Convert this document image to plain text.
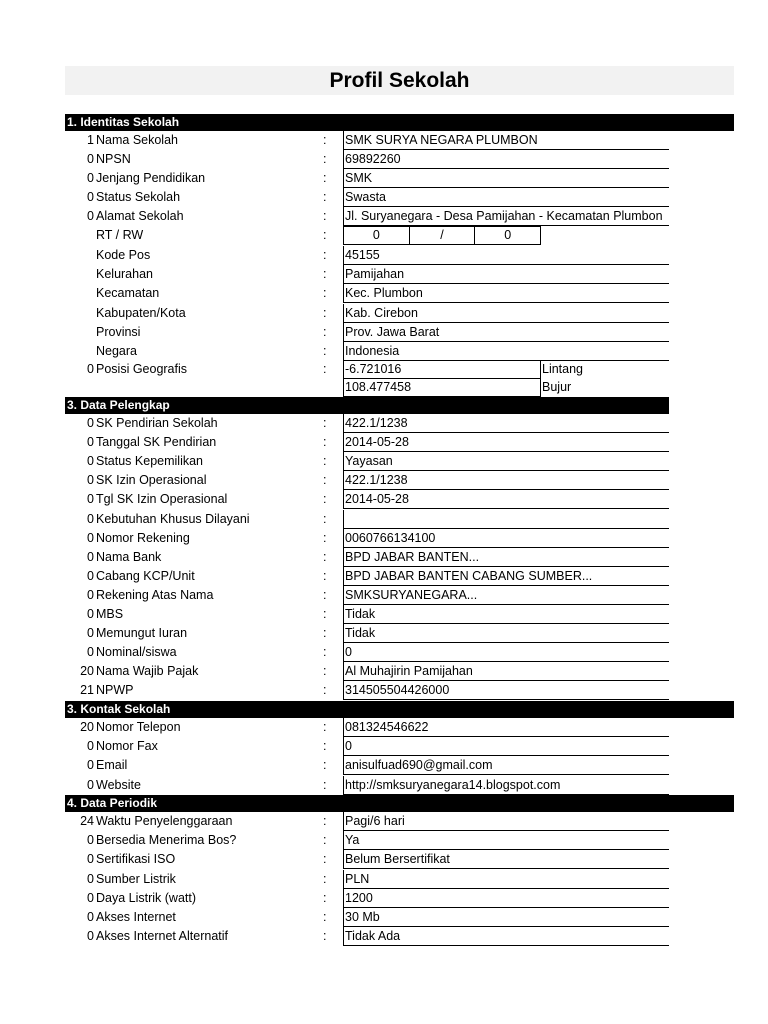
Profil Sekolah
1. Identitas Sekolah
1 Nama Sekolah	: SMK SURYA NEGARA PLUMBON
0 NPSN	: 69892260
0 Jenjang Pendidikan	: SMK
0 Status Sekolah	: Swasta
0 Alamat Sekolah	: Jl. Suryanegara - Desa Pamijahan - Kecamatan Plumbon
RT / RW	:	0	/	0
Kode Pos	: 45155
Kelurahan	: Pamijahan
Kecamatan	: Kec. Plumbon
Kabupaten/Kota	: Kab. Cirebon
Provinsi	: Prov. Jawa Barat
Negara	: Indonesia
0 Posisi Geografis	: -6.721016	Lintang
108.477458	Bujur
3. Data Pelengkap
0 SK Pendirian Sekolah	: 422.1/1238
0 Tanggal SK Pendirian	: 2014-05-28
0 Status Kepemilikan	: Yayasan
0 SK Izin Operasional	: 422.1/1238
0 Tgl SK Izin Operasional	: 2014-05-28
0 Kebutuhan Khusus Dilayani	:
0 Nomor Rekening	: 0060766134100
0 Nama Bank	: BPD JABAR BANTEN...
0 Cabang KCP/Unit	: BPD JABAR BANTEN CABANG SUMBER...
0 Rekening Atas Nama	: SMKSURYANEGARA...
0 MBS	: Tidak
0 Memungut Iuran	: Tidak
0 Nominal/siswa	: 0
20 Nama Wajib Pajak	: Al Muhajirin Pamijahan
21 NPWP	: 314505504426000
3. Kontak Sekolah
20 Nomor Telepon	: 081324546622
0 Nomor Fax	: 0
0 Email	: anisulfuad690@gmail.com
0 Website	: http://smksuryanegara14.blogspot.com
4. Data Periodik
24 Waktu Penyelenggaraan	: Pagi/6 hari
0 Bersedia Menerima Bos?	: Ya
0 Sertifikasi ISO	: Belum Bersertifikat
0 Sumber Listrik	: PLN
0 Daya Listrik (watt)	: 1200
0 Akses Internet	: 30 Mb
0 Akses Internet Alternatif	: Tidak Ada
